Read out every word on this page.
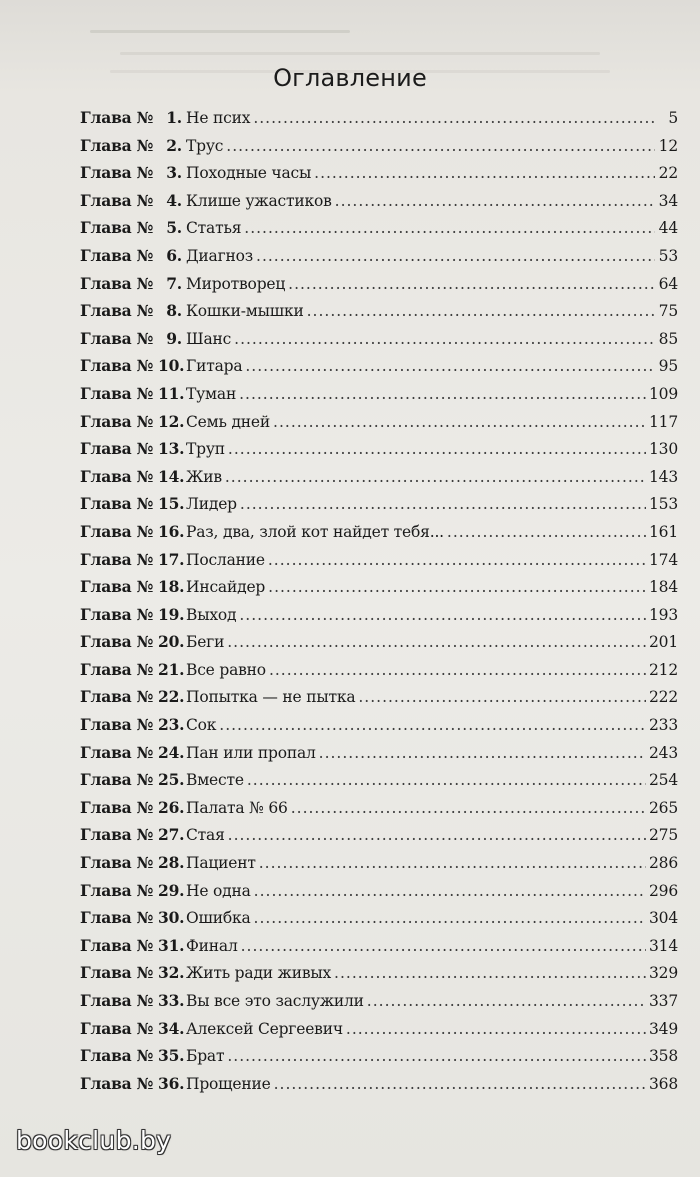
Оглавление
Глава № 1. Не псих .....	5
Глава № 2. Трус .....	12
Глава № 3. Походные часы .....	22
Глава № 4. Клише ужастиков .....	34
Глава № 5. Статья .....	44
Глава № 6. Диагноз .....	53
Глава № 7. Миротворец .....	64
Глава № 8. Кошки-мышки .....	75
Глава № 9. Шанс .....	85
Глава № 10. Гитара .....	95
Глава № 11. Туман .....	109
Глава № 12. Семь дней .....	117
Глава № 13. Труп .....	130
Глава № 14. Жив .....	143
Глава № 15. Лидер .....	153
Глава № 16. Раз, два, злой кот найдет тебя... .....	161
Глава № 17. Послание .....	174
Глава № 18. Инсайдер .....	184
Глава № 19. Выход .....	193
Глава № 20. Беги .....	201
Глава № 21. Все равно .....	212
Глава № 22. Попытка — не пытка .....	222
Глава № 23. Сок .....	233
Глава № 24. Пан или пропал .....	243
Глава № 25. Вместе .....	254
Глава № 26. Палата № 66 .....	265
Глава № 27. Стая .....	275
Глава № 28. Пациент .....	286
Глава № 29. Не одна .....	296
Глава № 30. Ошибка .....	304
Глава № 31. Финал .....	314
Глава № 32. Жить ради живых .....	329
Глава № 33. Вы все это заслужили .....	337
Глава № 34. Алексей Сергеевич .....	349
Глава № 35. Брат .....	358
Глава № 36. Прощение .....	368
bookclub.by
